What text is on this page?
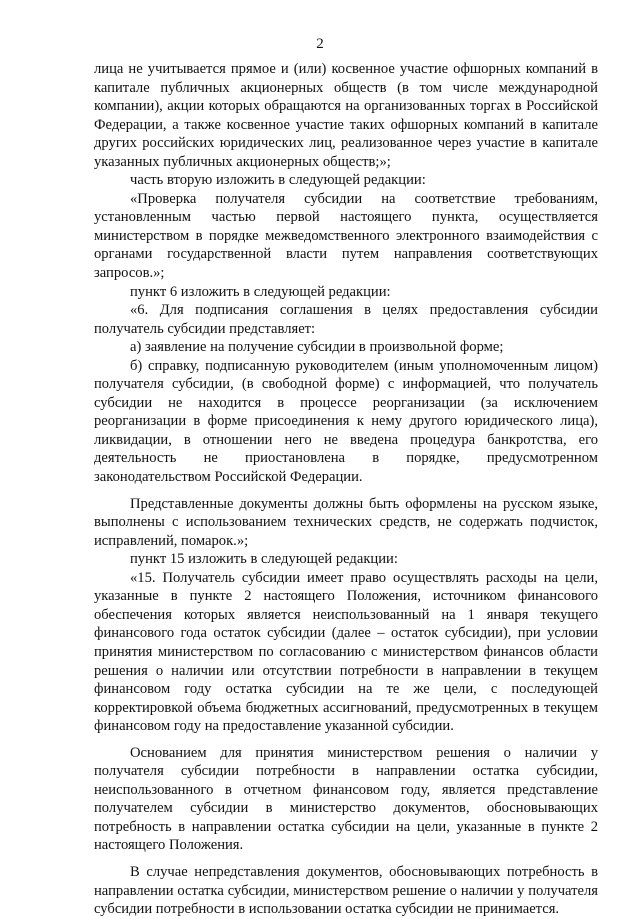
2

лица не учитывается прямое и (или) косвенное участие офшорных компаний в капитале публичных акционерных обществ (в том числе международной компании), акции которых обращаются на организованных торгах в Российской Федерации, а также косвенное участие таких офшорных компаний в капитале других российских юридических лиц, реализованное через участие в капитале указанных публичных акционерных обществ;»;

часть вторую изложить в следующей редакции:

«Проверка получателя субсидии на соответствие требованиям, установленным частью первой настоящего пункта, осуществляется министерством в порядке межведомственного электронного взаимодействия с органами государственной власти путем направления соответствующих запросов.»;

пункт 6 изложить в следующей редакции:

«6. Для подписания соглашения в целях предоставления субсидии получатель субсидии представляет:

а) заявление на получение субсидии в произвольной форме;

б) справку, подписанную руководителем (иным уполномоченным лицом) получателя субсидии, (в свободной форме) с информацией, что получатель субсидии не находится в процессе реорганизации (за исключением реорганизации в форме присоединения к нему другого юридического лица), ликвидации, в отношении него не введена процедура банкротства, его деятельность не приостановлена в порядке, предусмотренном законодательством Российской Федерации.

Представленные документы должны быть оформлены на русском языке, выполнены с использованием технических средств, не содержать подчисток, исправлений, помарок.»;

пункт 15 изложить в следующей редакции:

«15. Получатель субсидии имеет право осуществлять расходы на цели, указанные в пункте 2 настоящего Положения, источником финансового обеспечения которых является неиспользованный на 1 января текущего финансового года остаток субсидии (далее – остаток субсидии), при условии принятия министерством по согласованию с министерством финансов области решения о наличии или отсутствии потребности в направлении в текущем финансовом году остатка субсидии на те же цели, с последующей корректировкой объема бюджетных ассигнований, предусмотренных в текущем финансовом году на предоставление указанной субсидии.

Основанием для принятия министерством решения о наличии у получателя субсидии потребности в направлении остатка субсидии, неиспользованного в отчетном финансовом году, является представление получателем субсидии в министерство документов, обосновывающих потребность в направлении остатка субсидии на цели, указанные в пункте 2 настоящего Положения.

В случае непредставления документов, обосновывающих потребность в направлении остатка субсидии, министерством решение о наличии у получателя субсидии потребности в использовании остатка субсидии не принимается.
